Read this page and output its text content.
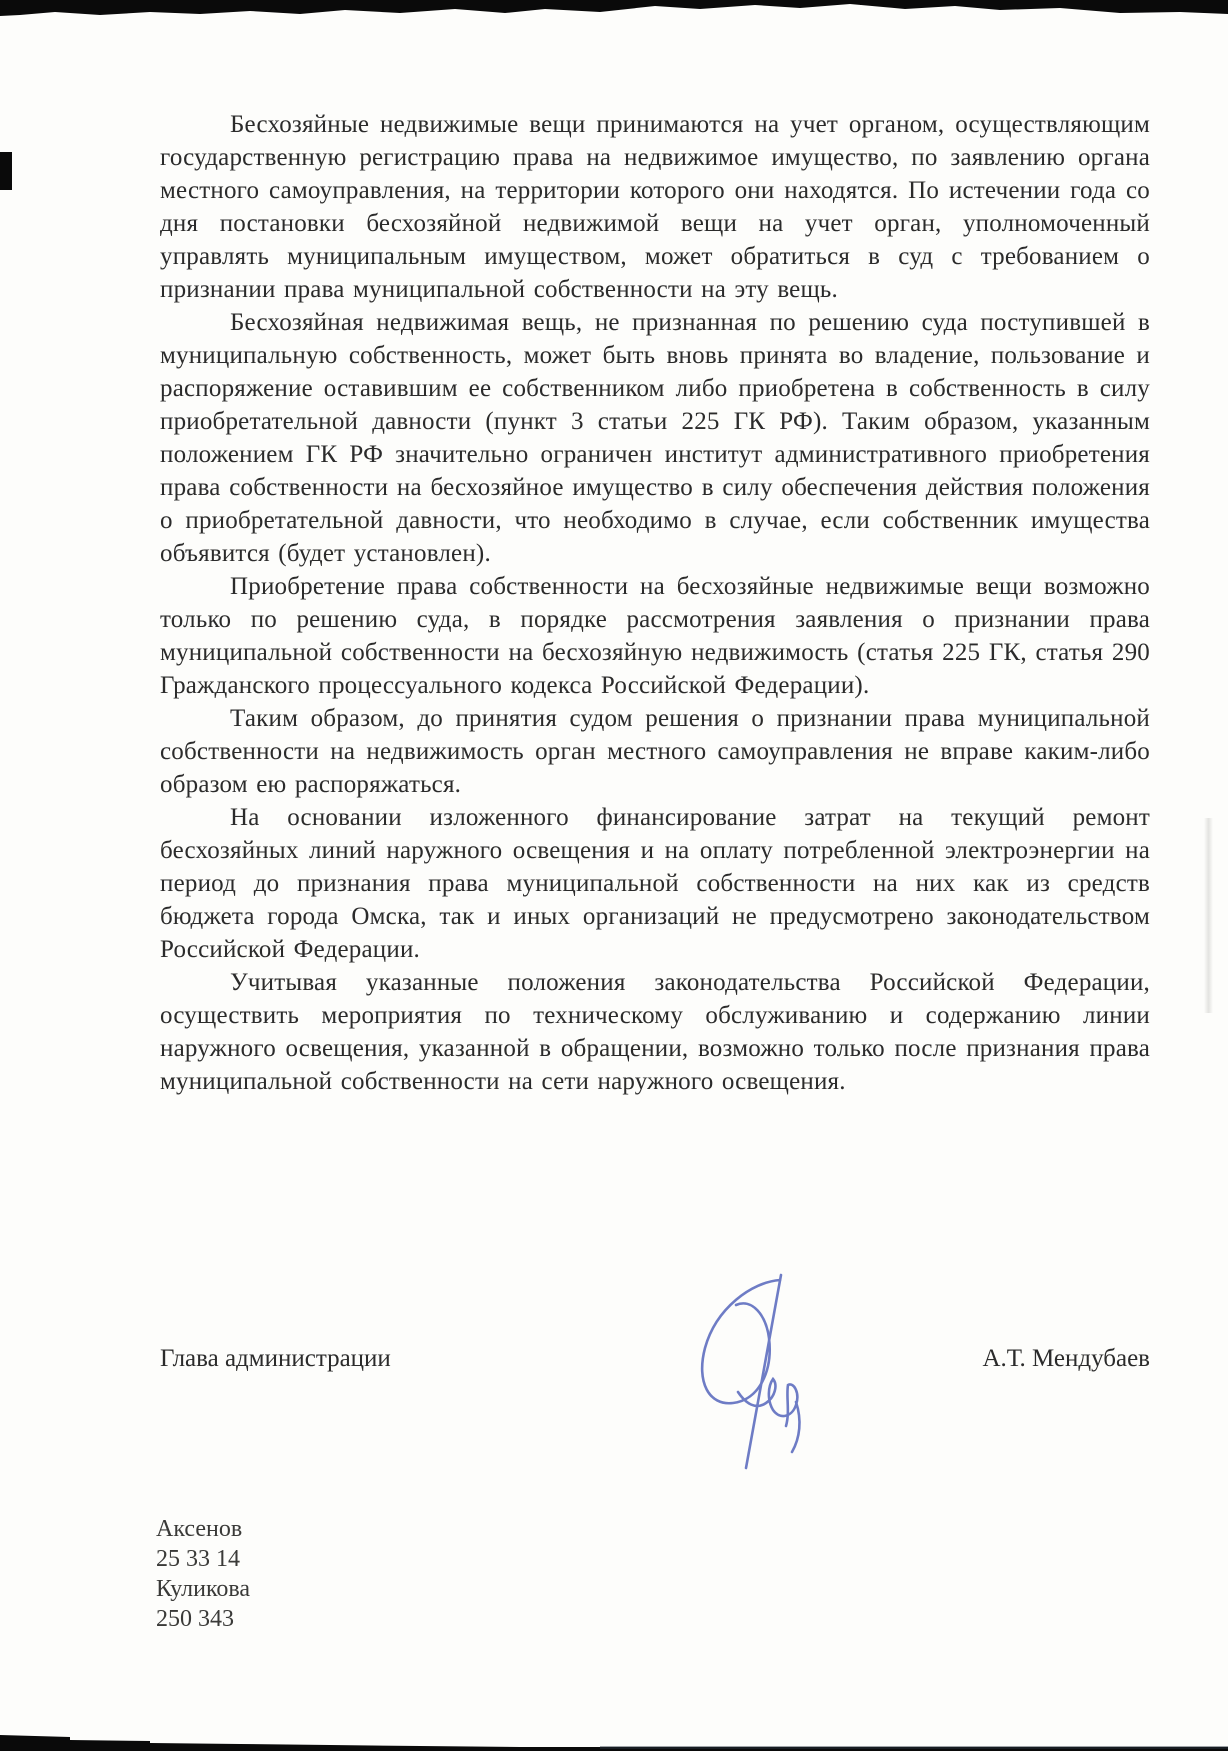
Бесхозяйные недвижимые вещи принимаются на учет органом, осуществляющим государственную регистрацию права на недвижимое имущество, по заявлению органа местного самоуправления, на территории которого они находятся. По истечении года со дня постановки бесхозяйной недвижимой вещи на учет орган, уполномоченный управлять муниципальным имуществом, может обратиться в суд с требованием о признании права муниципальной собственности на эту вещь.

Бесхозяйная недвижимая вещь, не признанная по решению суда поступившей в муниципальную собственность, может быть вновь принята во владение, пользование и распоряжение оставившим ее собственником либо приобретена в собственность в силу приобретательной давности (пункт 3 статьи 225 ГК РФ). Таким образом, указанным положением ГК РФ значительно ограничен институт административного приобретения права собственности на бесхозяйное имущество в силу обеспечения действия положения о приобретательной давности, что необходимо в случае, если собственник имущества объявится (будет установлен).

Приобретение права собственности на бесхозяйные недвижимые вещи возможно только по решению суда, в порядке рассмотрения заявления о признании права муниципальной собственности на бесхозяйную недвижимость (статья 225 ГК, статья 290 Гражданского процессуального кодекса Российской Федерации).

Таким образом, до принятия судом решения о признании права муниципальной собственности на недвижимость орган местного самоуправления не вправе каким-либо образом ею распоряжаться.

На основании изложенного финансирование затрат на текущий ремонт бесхозяйных линий наружного освещения и на оплату потребленной электроэнергии на период до признания права муниципальной собственности на них как из средств бюджета города Омска, так и иных организаций не предусмотрено законодательством Российской Федерации.

Учитывая указанные положения законодательства Российской Федерации, осуществить мероприятия по техническому обслуживанию и содержанию линии наружного освещения, указанной в обращении, возможно только после признания права муниципальной собственности на сети наружного освещения.

Глава администрации	А.Т. Мендубаев
Аксенов
25 33 14
Куликова
250 343
